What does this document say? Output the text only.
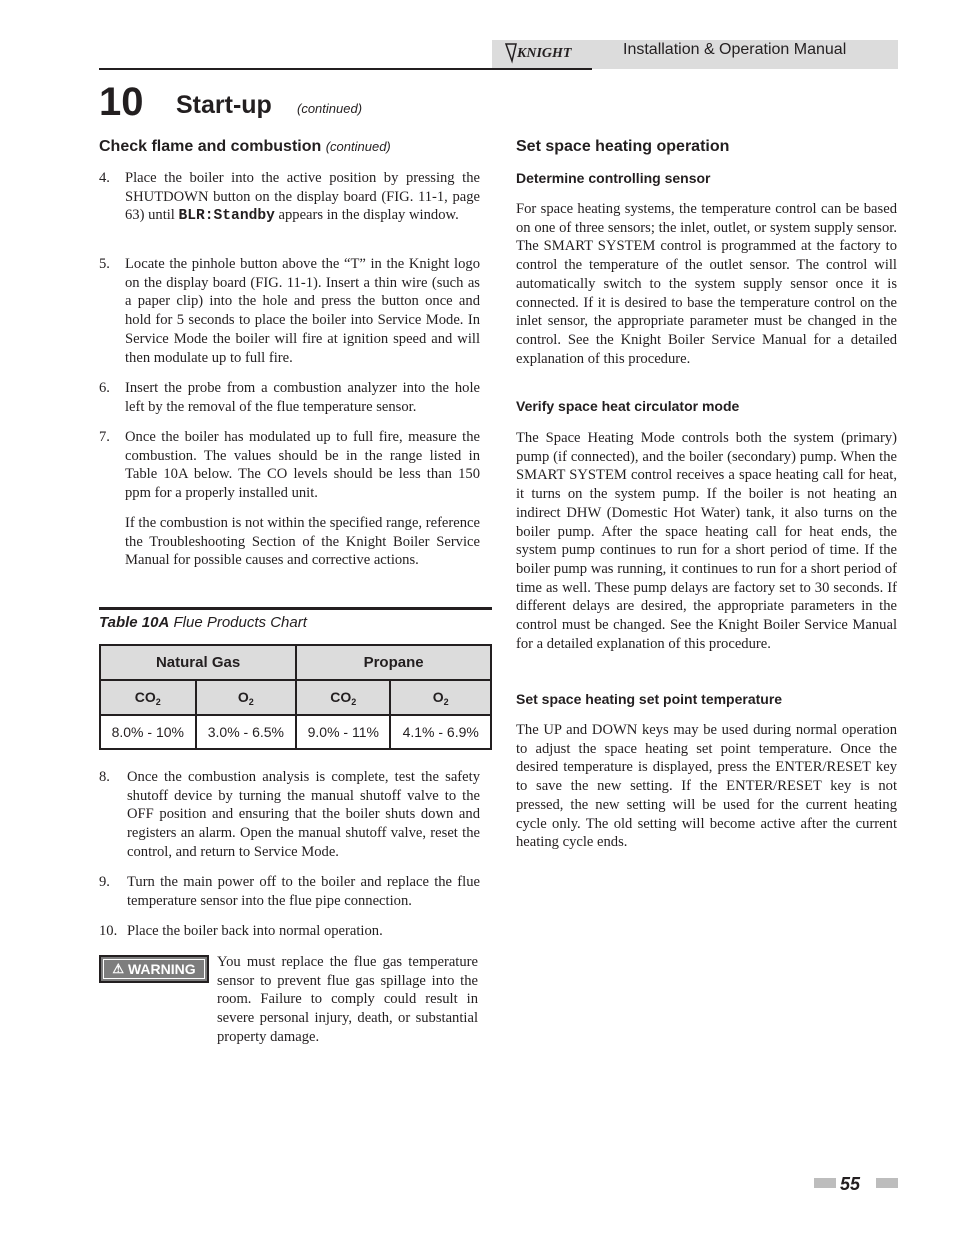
KNIGHT	Installation & Operation Manual
10 Start-up (continued)
Check flame and combustion (continued)
4. Place the boiler into the active position by pressing the SHUTDOWN button on the display board (FIG. 11-1, page 63) until BLR:Standby appears in the display window.
5. Locate the pinhole button above the “T” in the Knight logo on the display board (FIG. 11-1). Insert a thin wire (such as a paper clip) into the hole and press the button once and hold for 5 seconds to place the boiler into Service Mode. In Service Mode the boiler will fire at ignition speed and will then modulate up to full fire.
6. Insert the probe from a combustion analyzer into the hole left by the removal of the flue temperature sensor.
7. Once the boiler has modulated up to full fire, measure the combustion. The values should be in the range listed in Table 10A below. The CO levels should be less than 150 ppm for a properly installed unit.
If the combustion is not within the specified range, reference the Troubleshooting Section of the Knight Boiler Service Manual for possible causes and corrective actions.
Table 10A Flue Products Chart
Natural Gas		Propane	
$CO_2$	$O_2$	$CO_2$	$O_2$
8.0% - 10%	3.0% - 6.5%	9.0% - 11%	4.1% - 6.9%
8. Once the combustion analysis is complete, test the safety shutoff device by turning the manual shutoff valve to the OFF position and ensuring that the boiler shuts down and registers an alarm. Open the manual shutoff valve, reset the control, and return to Service Mode.
9. Turn the main power off to the boiler and replace the flue temperature sensor into the flue pipe connection.
10. Place the boiler back into normal operation.
⚠ WARNING You must replace the flue gas temperature sensor to prevent flue gas spillage into the room. Failure to comply could result in severe personal injury, death, or substantial property damage.
Set space heating operation
Determine controlling sensor
For space heating systems, the temperature control can be based on one of three sensors; the inlet, outlet, or system supply sensor. The SMART SYSTEM control is programmed at the factory to control the temperature of the outlet sensor. The control will automatically switch to the system supply sensor once it is connected. If it is desired to base the temperature control on the inlet sensor, the appropriate parameter must be changed in the control. See the Knight Boiler Service Manual for a detailed explanation of this procedure.
Verify space heat circulator mode
The Space Heating Mode controls both the system (primary) pump (if connected), and the boiler (secondary) pump. When the SMART SYSTEM control receives a space heating call for heat, it turns on the system pump. If the boiler is not heating an indirect DHW (Domestic Hot Water) tank, it also turns on the boiler pump. After the space heating call for heat ends, the system pump continues to run for a short period of time. If the boiler pump was running, it continues to run for a short period of time as well. These pump delays are factory set to 30 seconds. If different delays are desired, the appropriate parameters in the control must be changed. See the Knight Boiler Service Manual for a detailed explanation of this procedure.
Set space heating set point temperature
The UP and DOWN keys may be used during normal operation to adjust the space heating set point temperature. Once the desired temperature is displayed, press the ENTER/RESET key to save the new setting. If the ENTER/RESET key is not pressed, the new setting will be used for the current heating cycle only. The old setting will become active after the current heating cycle ends.
55
